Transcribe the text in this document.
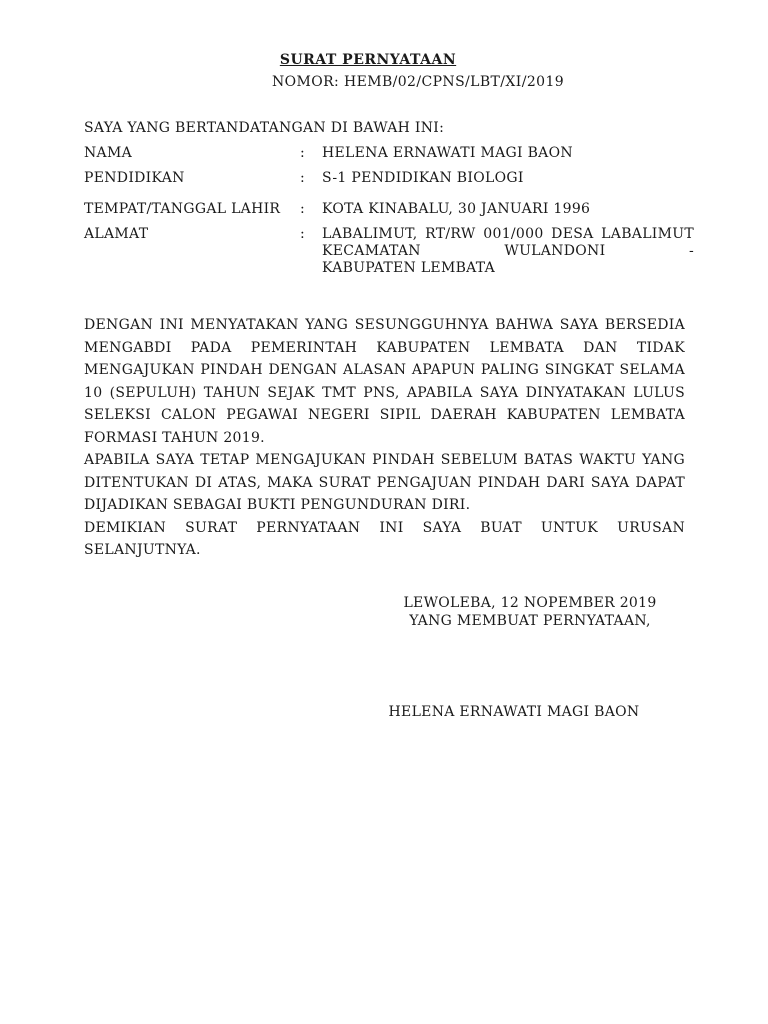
SURAT PERNYATAAN
NOMOR: HEMB/02/CPNS/LBT/XI/2019
SAYA YANG BERTANDATANGAN DI BAWAH INI:
NAMA	: HELENA ERNAWATI MAGI BAON
PENDIDIKAN	: S-1 PENDIDIKAN BIOLOGI
TEMPAT/TANGGAL LAHIR	: KOTA KINABALU, 30 JANUARI 1996
ALAMAT	: LABALIMUT, RT/RW 001/000 DESA LABALIMUT KECAMATAN WULANDONI -
KABUPATEN LEMBATA

DENGAN INI MENYATAKAN YANG SESUNGGUHNYA BAHWA SAYA BERSEDIA MENGABDI PADA PEMERINTAH KABUPATEN LEMBATA DAN TIDAK MENGAJUKAN PINDAH DENGAN ALASAN APAPUN PALING SINGKAT SELAMA 10 (SEPULUH) TAHUN SEJAK TMT PNS, APABILA SAYA DINYATAKAN LULUS SELEKSI CALON PEGAWAI NEGERI SIPIL DAERAH KABUPATEN LEMBATA FORMASI TAHUN 2019.

APABILA SAYA TETAP MENGAJUKAN PINDAH SEBELUM BATAS WAKTU YANG DITENTUKAN DI ATAS, MAKA SURAT PENGAJUAN PINDAH DARI SAYA DAPAT DIJADIKAN SEBAGAI BUKTI PENGUNDURAN DIRI.

DEMIKIAN SURAT PERNYATAAN INI SAYA BUAT UNTUK URUSAN SELANJUTNYA.

LEWOLEBA, 12 NOPEMBER 2019
YANG MEMBUAT PERNYATAAN,
HELENA ERNAWATI MAGI BAON
